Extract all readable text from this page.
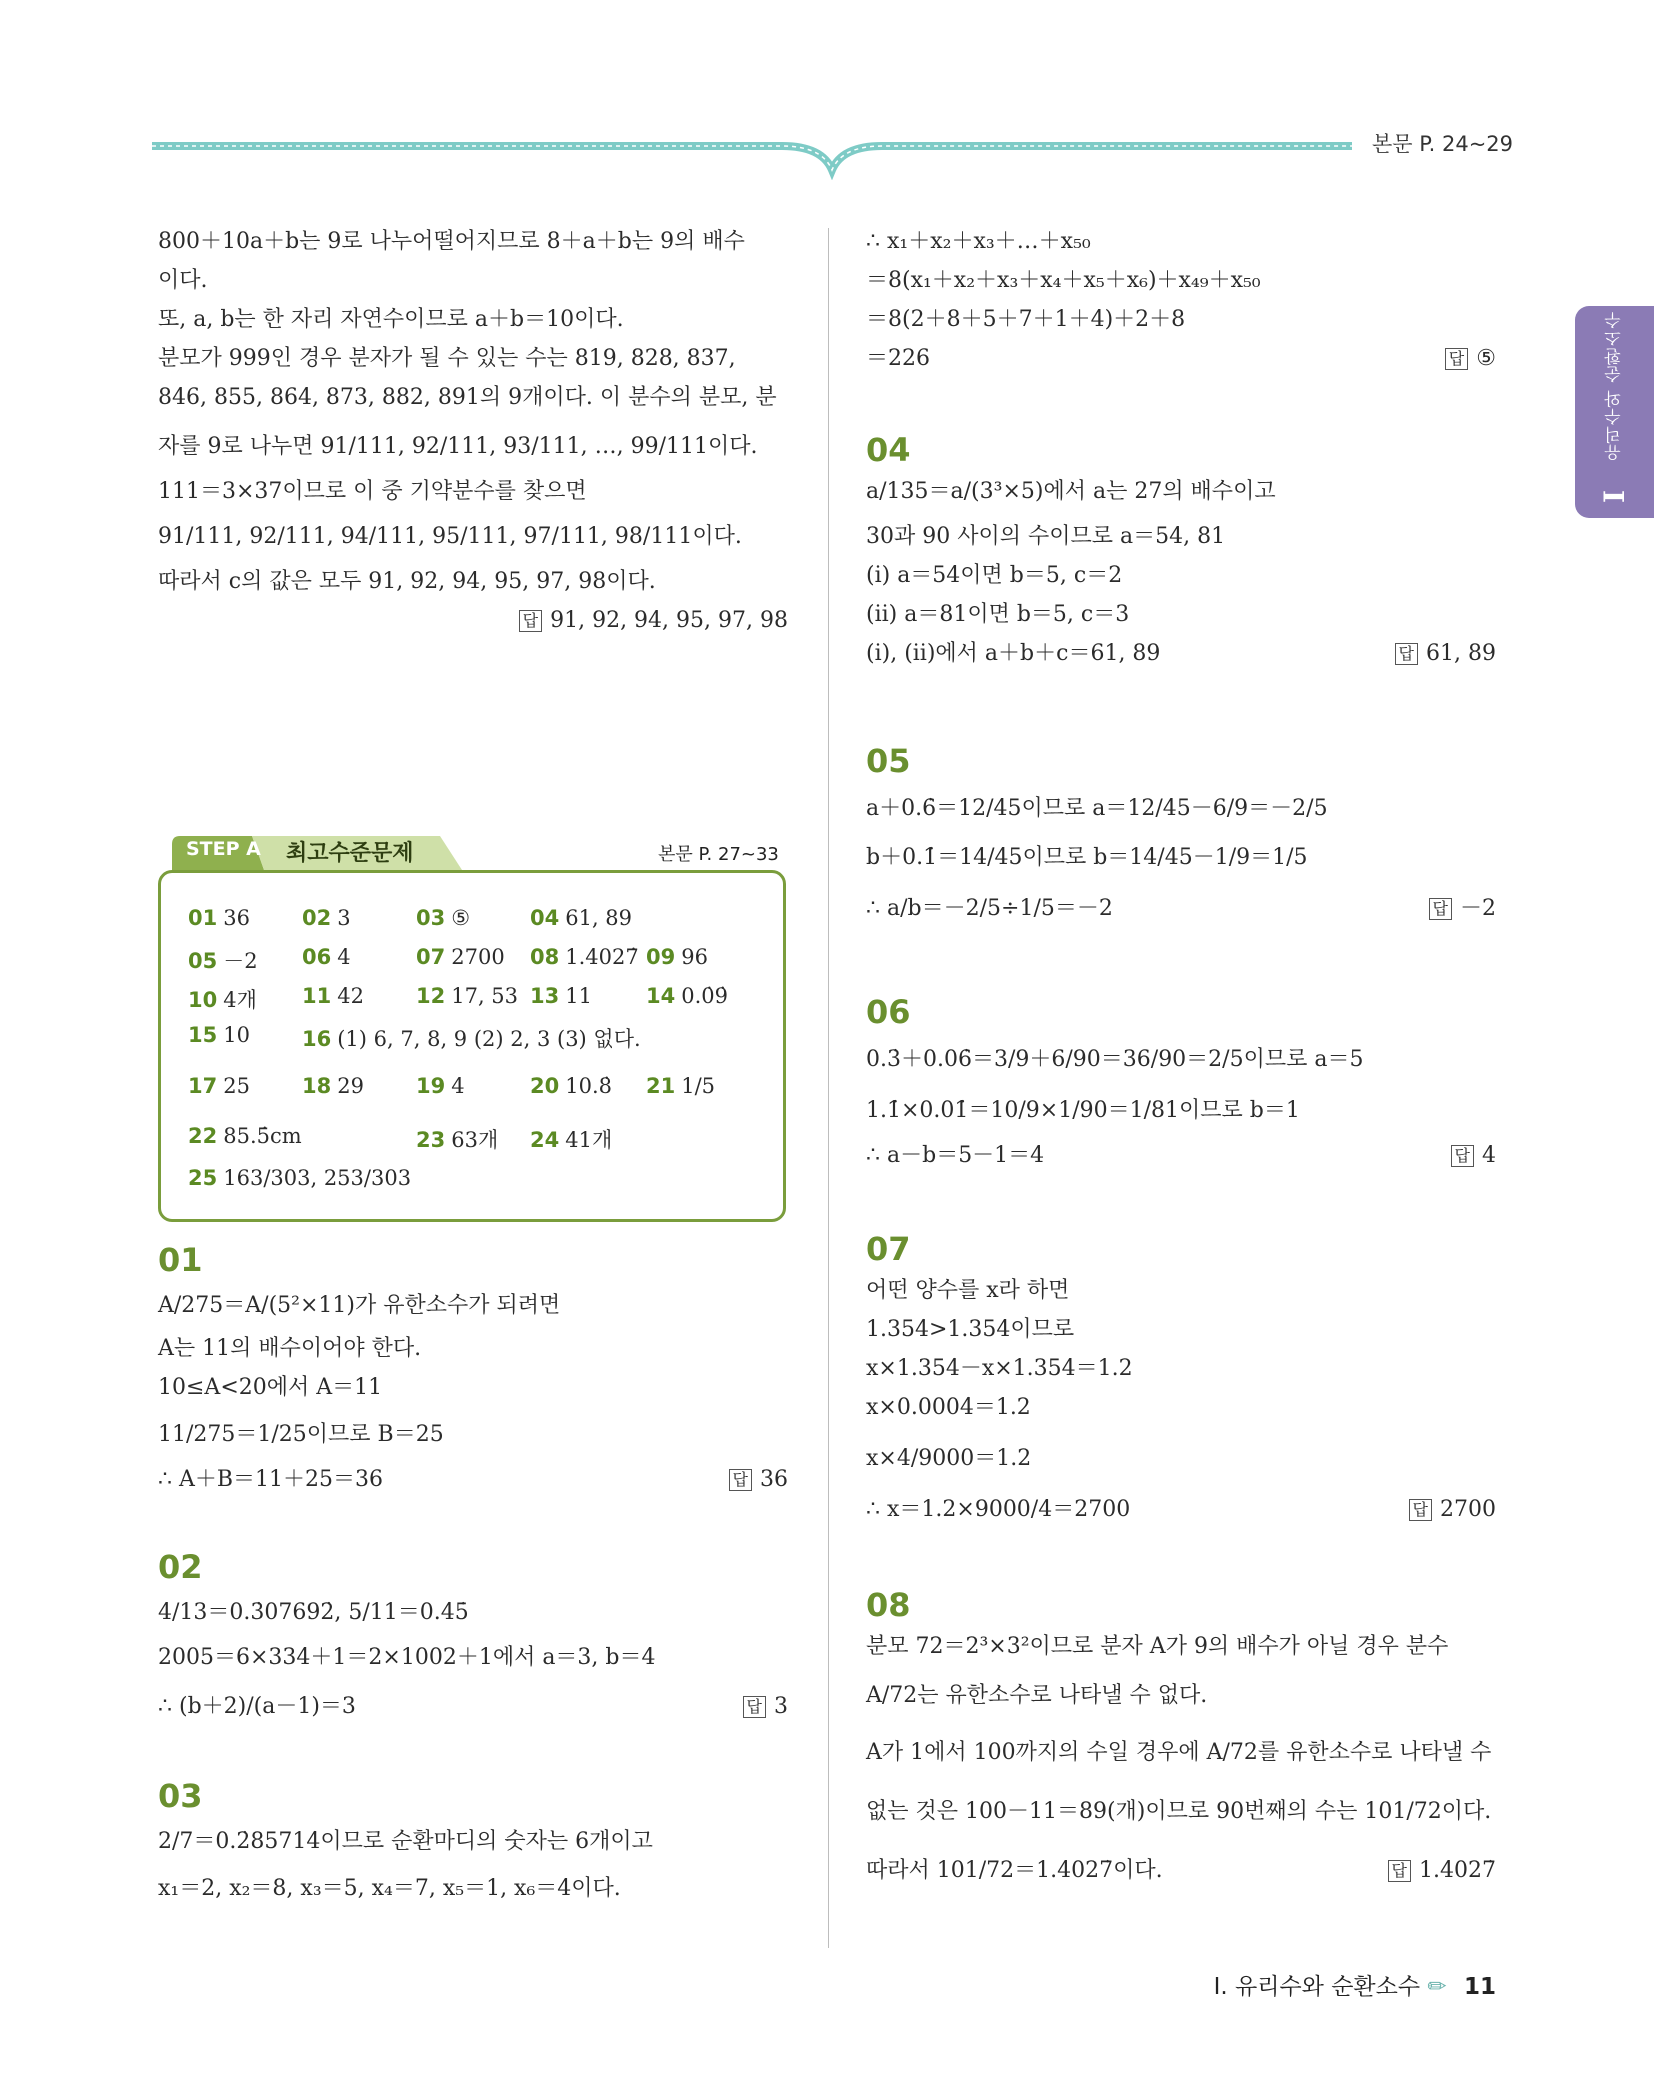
본문 P. 24~29
유리수와 순환소수
I
800＋10a＋b는 9로 나누어떨어지므로 8＋a＋b는 9의 배수
이다.
또, a, b는 한 자리 자연수이므로 a＋b＝10이다.
분모가 999인 경우 분자가 될 수 있는 수는 819, 828, 837,
846, 855, 864, 873, 882, 891의 9개이다. 이 분수의 분모, 분
자를 9로 나누면 91/111, 92/111, 93/111, …, 99/111이다.
111＝3×37이므로 이 중 기약분수를 찾으면
91/111, 92/111, 94/111, 95/111, 97/111, 98/111이다.
따라서 c의 값은 모두 91, 92, 94, 95, 97, 98이다.
답 91, 92, 94, 95, 97, 98
STEP A 최고수준문제	본문 P. 27~33
01 36 02 3	03 ⑤	04 61, 89
05 －2 06 4	07 2700 08 1.4027̇ 09 96
10 4개 11 42 12 17, 53 13 11	14 0.0̇9̇
15 10 16 (1) 6, 7, 8, 9 (2) 2, 3 (3) 없다.
17 25 18 29 19 4	20 10.8̇ 21 1/5
22 85.5̇cm	23 63개 24 41개
25 163/303, 253/303
01
A/275＝A/(5²×11)가 유한소수가 되려면
A는 11의 배수이어야 한다.
10≤A<20에서 A＝11
11/275＝1/25이므로 B＝25
∴ A＋B＝11＋25＝36	답 36
02
4/13＝0.3̇07692̇, 5/11＝0.4̇5̇
2005＝6×334＋1＝2×1002＋1에서 a＝3, b＝4
∴ (b＋2)/(a－1)＝3	답 3
03
2/7＝0.2̇85714̇이므로 순환마디의 숫자는 6개이고
x₁＝2, x₂＝8, x₃＝5, x₄＝7, x₅＝1, x₆＝4이다.
∴ x₁＋x₂＋x₃＋…＋x₅₀
＝8(x₁＋x₂＋x₃＋x₄＋x₅＋x₆)＋x₄₉＋x₅₀
＝8(2＋8＋5＋7＋1＋4)＋2＋8
＝226	답 ⑤
04
a/135＝a/(3³×5)에서 a는 27의 배수이고
30과 90 사이의 수이므로 a＝54, 81
(ⅰ) a＝54이면 b＝5, c＝2
(ⅱ) a＝81이면 b＝5, c＝3
(ⅰ), (ⅱ)에서 a＋b＋c＝61, 89	답 61, 89
05
a＋0.6̇＝12/45이므로 a＝12/45－6/9＝－2/5
b＋0.1̇＝14/45이므로 b＝14/45－1/9＝1/5
∴ a/b＝－2/5÷1/5＝－2	답 －2
06
0.3̇＋0.06̇＝3/9＋6/90＝36/90＝2/5이므로 a＝5
1.1̇×0.01̇＝10/9×1/90＝1/81이므로 b＝1
∴ a－b＝5－1＝4	답 4
07
어떤 양수를 x라 하면
1.354̇>1.354이므로
x×1.354̇－x×1.354＝1.2
x×0.0004̇＝1.2
x×4/9000＝1.2
∴ x＝1.2×9000/4＝2700	답 2700
08
분모 72＝2³×3²이므로 분자 A가 9의 배수가 아닐 경우 분수
A/72는 유한소수로 나타낼 수 없다.
A가 1에서 100까지의 수일 경우에 A/72를 유한소수로 나타낼 수
없는 것은 100－11＝89(개)이므로 90번째의 수는 101/72이다.
따라서 101/72＝1.4027̇이다.	답 1.4027̇
I. 유리수와 순환소수 ✏ 11
